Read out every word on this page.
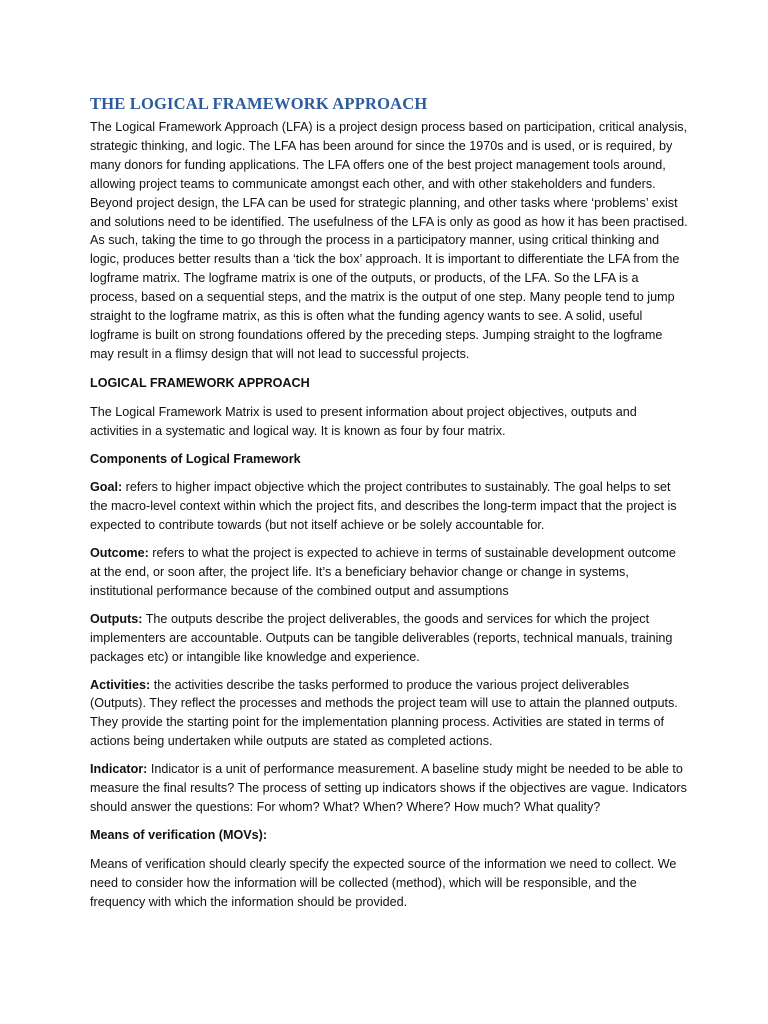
THE LOGICAL FRAMEWORK APPROACH

The Logical Framework Approach (LFA) is a project design process based on participation, critical analysis, strategic thinking, and logic. The LFA has been around for since the 1970s and is used, or is required, by many donors for funding applications. The LFA offers one of the best project management tools around, allowing project teams to communicate amongst each other, and with other stakeholders and funders. Beyond project design, the LFA can be used for strategic planning, and other tasks where ‘problems’ exist and solutions need to be identified. The usefulness of the LFA is only as good as how it has been practised. As such, taking the time to go through the process in a participatory manner, using critical thinking and logic, produces better results than a ‘tick the box’ approach. It is important to differentiate the LFA from the logframe matrix. The logframe matrix is one of the outputs, or products, of the LFA. So the LFA is a process, based on a sequential steps, and the matrix is the output of one step. Many people tend to jump straight to the logframe matrix, as this is often what the funding agency wants to see. A solid, useful logframe is built on strong foundations offered by the preceding steps. Jumping straight to the logframe may result in a flimsy design that will not lead to successful projects.

LOGICAL FRAMEWORK APPROACH

The Logical Framework Matrix is used to present information about project objectives, outputs and activities in a systematic and logical way. It is known as four by four matrix.

Components of Logical Framework

Goal: refers to higher impact objective which the project contributes to sustainably. The goal helps to set the macro-level context within which the project fits, and describes the long-term impact that the project is expected to contribute towards (but not itself achieve or be solely accountable for.

Outcome: refers to what the project is expected to achieve in terms of sustainable development outcome at the end, or soon after, the project life. It’s a beneficiary behavior change or change in systems, institutional performance because of the combined output and assumptions

Outputs: The outputs describe the project deliverables, the goods and services for which the project implementers are accountable. Outputs can be tangible deliverables (reports, technical manuals, training packages etc) or intangible like knowledge and experience.

Activities: the activities describe the tasks performed to produce the various project deliverables (Outputs). They reflect the processes and methods the project team will use to attain the planned outputs. They provide the starting point for the implementation planning process. Activities are stated in terms of actions being undertaken while outputs are stated as completed actions.

Indicator: Indicator is a unit of performance measurement. A baseline study might be needed to be able to measure the final results? The process of setting up indicators shows if the objectives are vague. Indicators should answer the questions: For whom? What? When? Where? How much? What quality?

Means of verification (MOVs):

Means of verification should clearly specify the expected source of the information we need to collect. We need to consider how the information will be collected (method), which will be responsible, and the frequency with which the information should be provided.
